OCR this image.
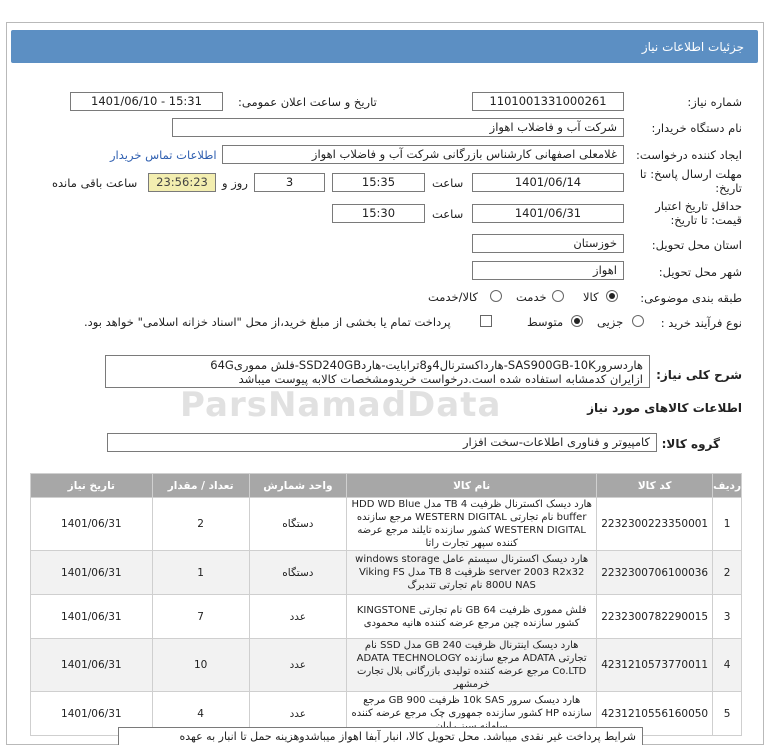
جزئیات اطلاعات نیاز
شماره نیاز:
1101001331000261
تاریخ و ساعت اعلان عمومی:
1401/06/10 - 15:31
نام دستگاه خریدار:
شرکت آب و فاضلاب اهواز
ایجاد کننده درخواست:
غلامعلی اصفهانی کارشناس بازرگانی شرکت آب و فاضلاب اهواز
اطلاعات تماس خریدار
مهلت ارسال پاسخ: تا
تاریخ:
1401/06/14
ساعت
15:35
3
روز و
23:56:23
ساعت باقی مانده
حداقل تاریخ اعتبار
قیمت: تا تاریخ:
1401/06/31
ساعت
15:30
استان محل تحویل:
خوزستان
شهر محل تحویل:
اهواز
طبقه بندی موضوعی:
کالا
خدمت
کالا/خدمت
نوع فرآیند خرید :
جزیی
متوسط
پرداخت تمام یا بخشی از مبلغ خرید،از محل "اسناد خزانه اسلامی" خواهد بود.
شرح کلی نیاز:
هاردسرورSAS900GB-10K-هارداکسترنال4و8ترابایت-هاردSSD240GB-فلش مموری64G
ازایران کدمشابه استفاده شده است.درخواست خریدومشخصات کالابه پیوست میباشد
ParsNamadData	اطلاعات کالاهای مورد نیاز
گروه کالا:
کامپیوتر و فناوری اطلاعات-سخت افزار
ردیف	کد کالا	نام کالا	واحد شمارش	تعداد / مقدار	تاریخ نیاز
1	2232300223350001	هارد دیسک اکسترنال ظرفیت 4 TB مدل HDD WD Blue buffer نام تجارتی WESTERN DIGITAL مرجع سازنده WESTERN DIGITAL کشور سازنده تایلند مرجع عرضه کننده سپهر تجارت راتا	دستگاه	2	1401/06/31
2	2232300706100036	هارد دیسک اکسترنال سیستم عامل windows storage server 2003 R2x32 ظرفیت 8 TB مدل Viking FS 800U NAS نام تجارتی تندبرگ	دستگاه	1	1401/06/31
3	2232300782290015	فلش مموری ظرفیت 64 GB نام تجارتی KINGSTONE کشور سازنده چین مرجع عرضه کننده هانیه محمودی	عدد	7	1401/06/31
4	4231210573770011	هارد دیسک اینترنال ظرفیت 240 GB مدل SSD نام تجارتی ADATA مرجع سازنده ADATA TECHNOLOGY Co.LTD مرجع عرضه کننده تولیدی بازرگانی بلال تجارت خرمشهر	عدد	10	1401/06/31
5	4231210556160050	هارد دیسک سرور 10k SAS ظرفیت 900 GB مرجع سازنده HP کشور سازنده جمهوری چک مرجع عرضه کننده	عدد	4	1401/06/31
شرایط پرداخت غیر نقدی میباشد. محل تحویل کالا، انبار آبفا اهواز میباشدوهزینه حمل تا انبار به عهده
